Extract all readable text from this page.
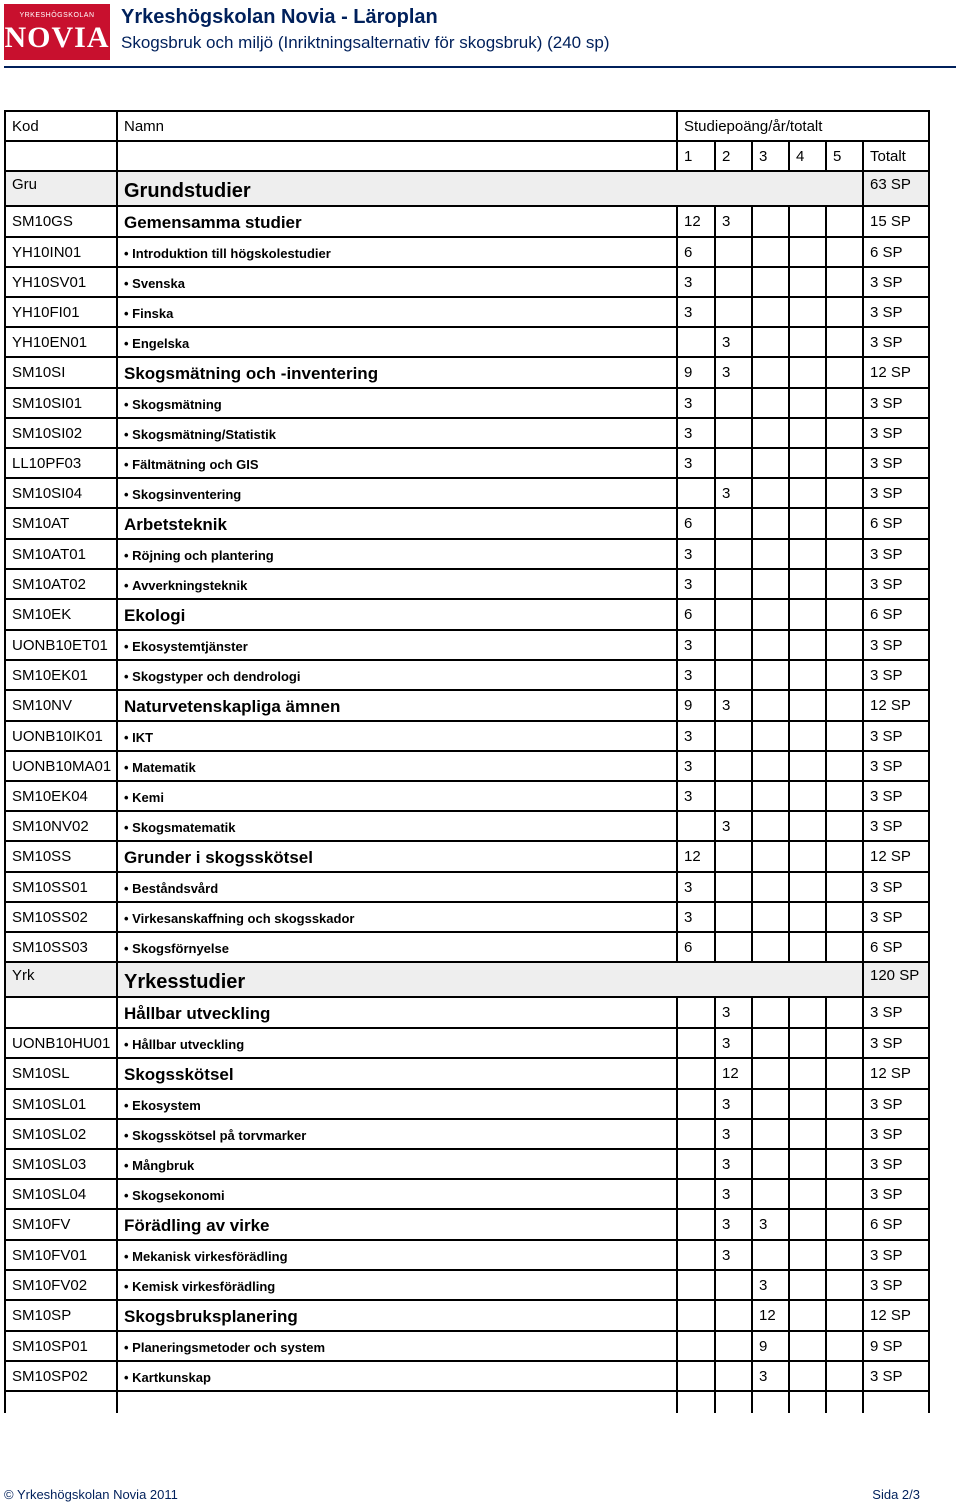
YRKESHÖGSKOLAN
NOVIA
Yrkeshögskolan Novia - Läroplan
Skogsbruk och miljö (Inriktningsalternativ för skogsbruk) (240 sp)
Kod	Namn	Studiepoäng/år/totalt					
		1	2	3	4	5	Totalt
Gru	Grundstudier						63 SP
SM10GS	Gemensamma studier	12	3				15 SP
YH10IN01	• Introduktion till högskolestudier	6					6 SP
YH10SV01	• Svenska	3					3 SP
YH10FI01	• Finska	3					3 SP
YH10EN01	• Engelska		3				3 SP
SM10SI	Skogsmätning och -inventering	9	3				12 SP
SM10SI01	• Skogsmätning	3					3 SP
SM10SI02	• Skogsmätning/Statistik	3					3 SP
LL10PF03	• Fältmätning och GIS	3					3 SP
SM10SI04	• Skogsinventering		3				3 SP
SM10AT	Arbetsteknik	6					6 SP
SM10AT01	• Röjning och plantering	3					3 SP
SM10AT02	• Avverkningsteknik	3					3 SP
SM10EK	Ekologi	6					6 SP
UONB10ET01	• Ekosystemtjänster	3					3 SP
SM10EK01	• Skogstyper och dendrologi	3					3 SP
SM10NV	Naturvetenskapliga ämnen	9	3				12 SP
UONB10IK01	• IKT	3					3 SP
UONB10MA01	• Matematik	3					3 SP
SM10EK04	• Kemi	3					3 SP
SM10NV02	• Skogsmatematik		3				3 SP
SM10SS	Grunder i skogsskötsel	12					12 SP
SM10SS01	• Beståndsvård	3					3 SP
SM10SS02	• Virkesanskaffning och skogsskador	3					3 SP
SM10SS03	• Skogsförnyelse	6					6 SP
Yrk	Yrkesstudier						120 SP
	Hållbar utveckling		3				3 SP
UONB10HU01	• Hållbar utveckling		3				3 SP
SM10SL	Skogsskötsel		12				12 SP
SM10SL01	• Ekosystem		3				3 SP
SM10SL02	• Skogsskötsel på torvmarker		3				3 SP
SM10SL03	• Mångbruk		3				3 SP
SM10SL04	• Skogsekonomi		3				3 SP
SM10FV	Förädling av virke		3	3			6 SP
SM10FV01	• Mekanisk virkesförädling		3				3 SP
SM10FV02	• Kemisk virkesförädling			3			3 SP
SM10SP	Skogsbruksplanering			12			12 SP
SM10SP01	• Planeringsmetoder och system			9			9 SP
SM10SP02	• Kartkunskap			3			3 SP

© Yrkeshögskolan Novia 2011	Sida 2/3
